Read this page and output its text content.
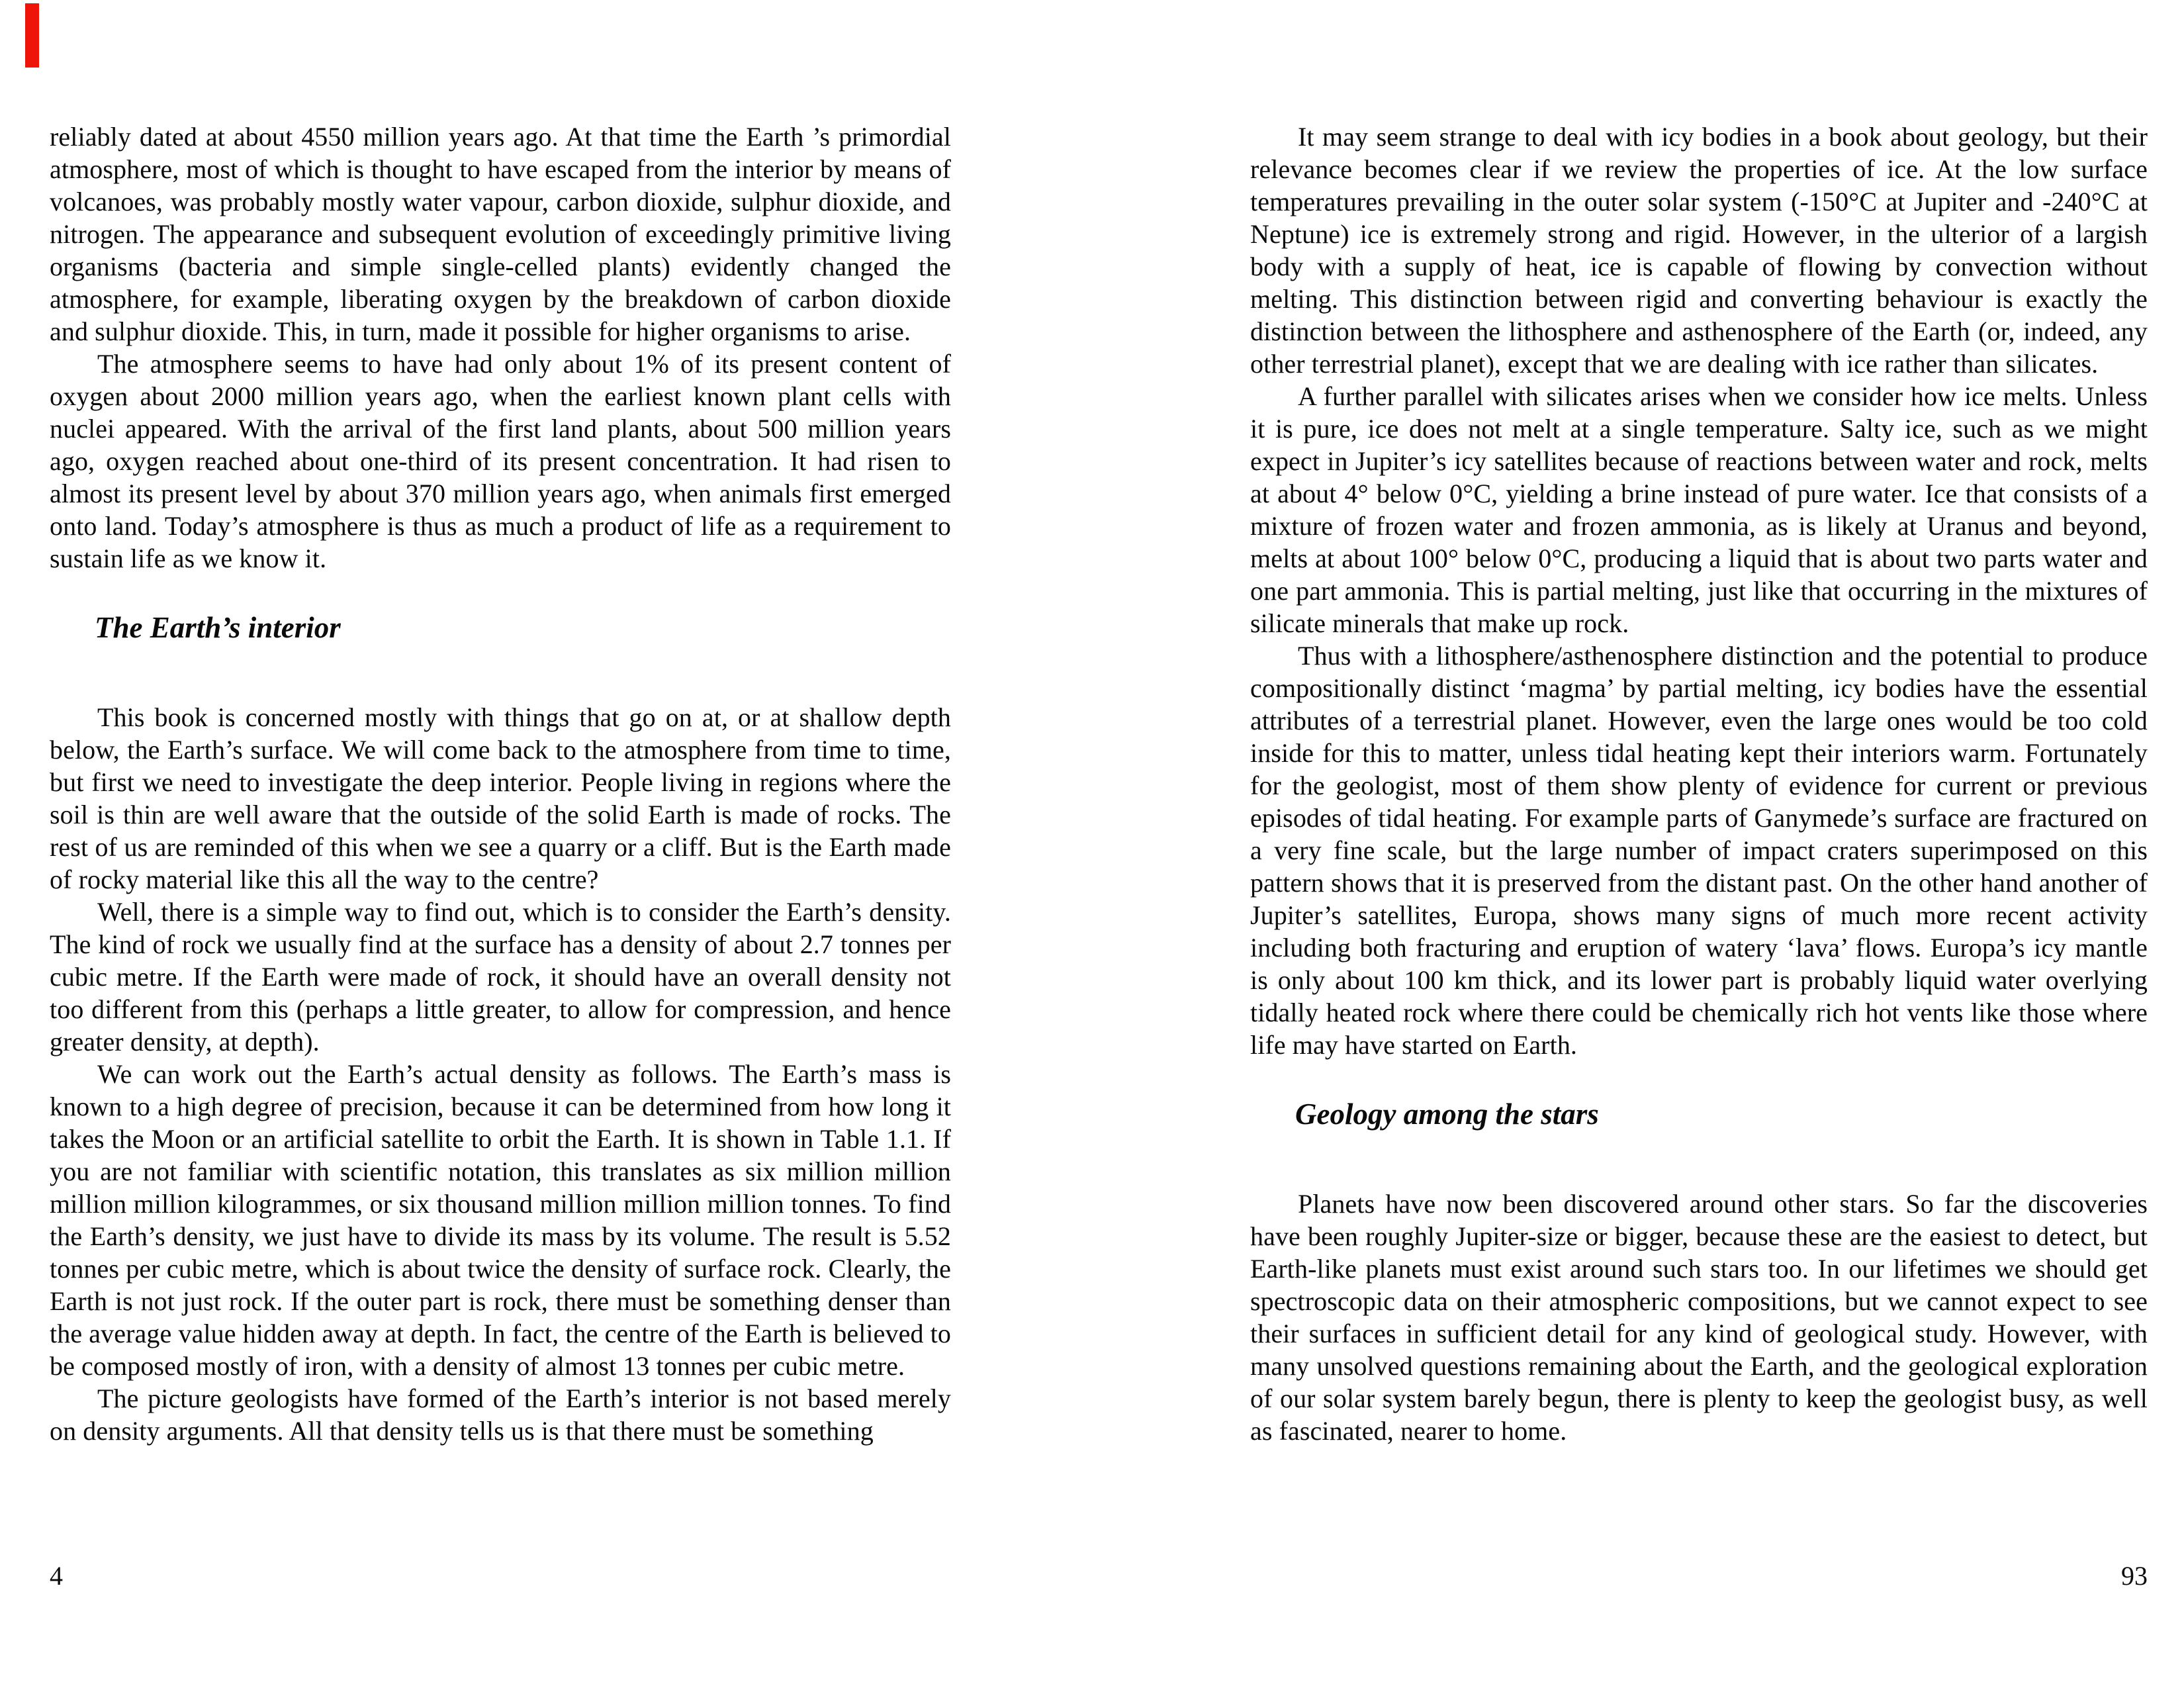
reliably dated at about 4550 million years ago. At that time the Earth ’s primordial atmosphere, most of which is thought to have escaped from the interior by means of volcanoes, was probably mostly water vapour, carbon dioxide, sulphur dioxide, and nitrogen. The appearance and subsequent evolution of exceedingly primitive living organisms (bacteria and simple single-celled plants) evidently changed the atmosphere, for example, liberating oxygen by the breakdown of carbon dioxide and sulphur dioxide. This, in turn, made it possible for higher organisms to arise.

The atmosphere seems to have had only about 1% of its present content of oxygen about 2000 million years ago, when the earliest known plant cells with nuclei appeared. With the arrival of the first land plants, about 500 million years ago, oxygen reached about one-third of its present concentration. It had risen to almost its present level by about 370 million years ago, when animals first emerged onto land. Today’s atmosphere is thus as much a product of life as a requirement to sustain life as we know it.

The Earth’s interior

This book is concerned mostly with things that go on at, or at shallow depth below, the Earth’s surface. We will come back to the atmosphere from time to time, but first we need to investigate the deep interior. People living in regions where the soil is thin are well aware that the outside of the solid Earth is made of rocks. The rest of us are reminded of this when we see a quarry or a cliff. But is the Earth made of rocky material like this all the way to the centre?

Well, there is a simple way to find out, which is to consider the Earth’s density. The kind of rock we usually find at the surface has a density of about 2.7 tonnes per cubic metre. If the Earth were made of rock, it should have an overall density not too different from this (perhaps a little greater, to allow for compression, and hence greater density, at depth).

We can work out the Earth’s actual density as follows. The Earth’s mass is known to a high degree of precision, because it can be determined from how long it takes the Moon or an artificial satellite to orbit the Earth. It is shown in Table 1.1. If you are not familiar with scientific notation, this translates as six million million million million kilogrammes, or six thousand million million million tonnes. To find the Earth’s density, we just have to divide its mass by its volume. The result is 5.52 tonnes per cubic metre, which is about twice the density of surface rock. Clearly, the Earth is not just rock. If the outer part is rock, there must be something denser than the average value hidden away at depth. In fact, the centre of the Earth is believed to be composed mostly of iron, with a density of almost 13 tonnes per cubic metre.

The picture geologists have formed of the Earth’s interior is not based merely on density arguments. All that density tells us is that there must be something

It may seem strange to deal with icy bodies in a book about geology, but their relevance becomes clear if we review the properties of ice. At the low surface temperatures prevailing in the outer solar system (-150°C at Jupiter and -240°C at Neptune) ice is extremely strong and rigid. However, in the ulterior of a largish body with a supply of heat, ice is capable of flowing by convection without melting. This distinction between rigid and converting behaviour is exactly the distinction between the lithosphere and asthenosphere of the Earth (or, indeed, any other terrestrial planet), except that we are dealing with ice rather than silicates.

A further parallel with silicates arises when we consider how ice melts. Unless it is pure, ice does not melt at a single temperature. Salty ice, such as we might expect in Jupiter’s icy satellites because of reactions between water and rock, melts at about 4° below 0°C, yielding a brine instead of pure water. Ice that consists of a mixture of frozen water and frozen ammonia, as is likely at Uranus and beyond, melts at about 100° below 0°C, producing a liquid that is about two parts water and one part ammonia. This is partial melting, just like that occurring in the mixtures of silicate minerals that make up rock.

Thus with a lithosphere/asthenosphere distinction and the potential to produce compositionally distinct ‘magma’ by partial melting, icy bodies have the essential attributes of a terrestrial planet. However, even the large ones would be too cold inside for this to matter, unless tidal heating kept their interiors warm. Fortunately for the geologist, most of them show plenty of evidence for current or previous episodes of tidal heating. For example parts of Ganymede’s surface are fractured on a very fine scale, but the large number of impact craters superimposed on this pattern shows that it is preserved from the distant past. On the other hand another of Jupiter’s satellites, Europa, shows many signs of much more recent activity including both fracturing and eruption of watery ‘lava’ flows. Europa’s icy mantle is only about 100 km thick, and its lower part is probably liquid water overlying tidally heated rock where there could be chemically rich hot vents like those where life may have started on Earth.

Geology among the stars

Planets have now been discovered around other stars. So far the discoveries have been roughly Jupiter-size or bigger, because these are the easiest to detect, but Earth-like planets must exist around such stars too. In our lifetimes we should get spectroscopic data on their atmospheric compositions, but we cannot expect to see their surfaces in sufficient detail for any kind of geological study. However, with many unsolved questions remaining about the Earth, and the geological exploration of our solar system barely begun, there is plenty to keep the geologist busy, as well as fascinated, nearer to home.

4	93
